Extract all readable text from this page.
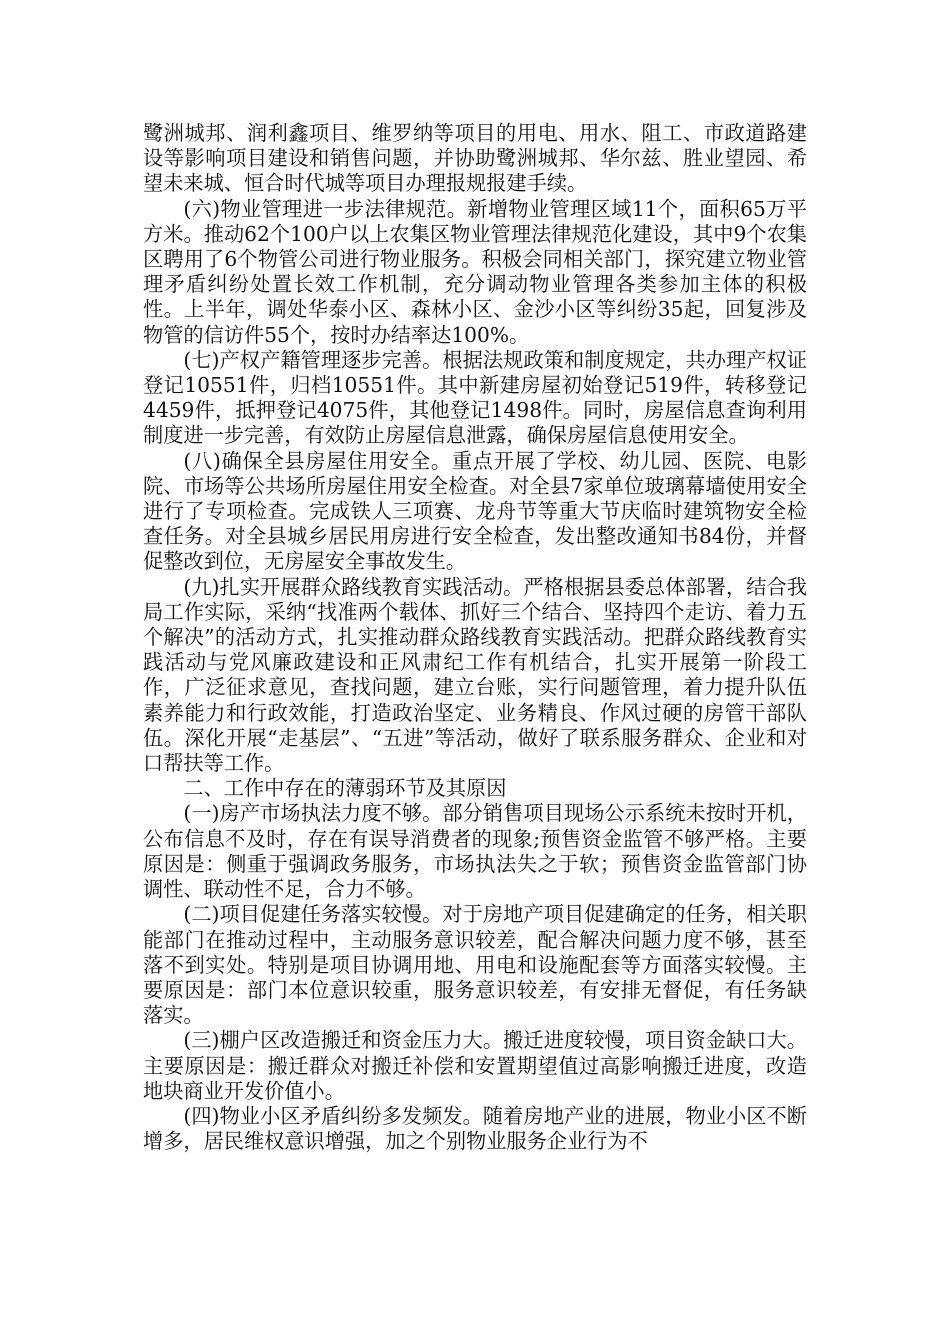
鹭洲城邦、润利鑫项目、维罗纳等项目的用电、用水、阻工、市政道路建设等影响项目建设和销售问题，并协助鹭洲城邦、华尔兹、胜业望园、希望未来城、恒合时代城等项目办理报规报建手续。

(六)物业管理进一步法律规范。新增物业管理区域11个，面积65万平方米。推动62个100户以上农集区物业管理法律规范化建设，其中9个农集区聘用了6个物管公司进行物业服务。积极会同相关部门，探究建立物业管理矛盾纠纷处置长效工作机制，充分调动物业管理各类参加主体的积极性。上半年，调处华泰小区、森林小区、金沙小区等纠纷35起，回复涉及物管的信访件55个，按时办结率达100%。

(七)产权产籍管理逐步完善。根据法规政策和制度规定，共办理产权证登记10551件，归档10551件。其中新建房屋初始登记519件，转移登记 4459件，抵押登记4075件，其他登记1498件。同时，房屋信息查询利用制度进一步完善，有效防止房屋信息泄露，确保房屋信息使用安全。

(八)确保全县房屋住用安全。重点开展了学校、幼儿园、医院、电影院、市场等公共场所房屋住用安全检查。对全县7家单位玻璃幕墙使用安全进行了专项检查。完成铁人三项赛、龙舟节等重大节庆临时建筑物安全检查任务。对全县城乡居民用房进行安全检查，发出整改通知书84份，并督促整改到位，无房屋安全事故发生。

(九)扎实开展群众路线教育实践活动。严格根据县委总体部署，结合我局工作实际，采纳“找准两个载体、抓好三个结合、坚持四个走访、着力五个解决”的活动方式，扎实推动群众路线教育实践活动。把群众路线教育实践活动与党风廉政建设和正风肃纪工作有机结合，扎实开展第一阶段工作，广泛征求意见，查找问题，建立台账，实行问题管理，着力提升队伍素养能力和行政效能，打造政治坚定、业务精良、作风过硬的房管干部队伍。深化开展“走基层”、“五进”等活动，做好了联系服务群众、企业和对口帮扶等工作。

二、工作中存在的薄弱环节及其原因

(一)房产市场执法力度不够。部分销售项目现场公示系统未按时开机，公布信息不及时，存在有误导消费者的现象;预售资金监管不够严格。主要原因是：侧重于强调政务服务，市场执法失之于软；预售资金监管部门协调性、联动性不足，合力不够。

(二)项目促建任务落实较慢。对于房地产项目促建确定的任务，相关职能部门在推动过程中，主动服务意识较差，配合解决问题力度不够，甚至落不到实处。特别是项目协调用地、用电和设施配套等方面落实较慢。主要原因是：部门本位意识较重，服务意识较差，有安排无督促，有任务缺落实。

(三)棚户区改造搬迁和资金压力大。搬迁进度较慢，项目资金缺口大。主要原因是：搬迁群众对搬迁补偿和安置期望值过高影响搬迁进度，改造地块商业开发价值小。

(四)物业小区矛盾纠纷多发频发。随着房地产业的进展，物业小区不断增多，居民维权意识增强，加之个别物业服务企业行为不
